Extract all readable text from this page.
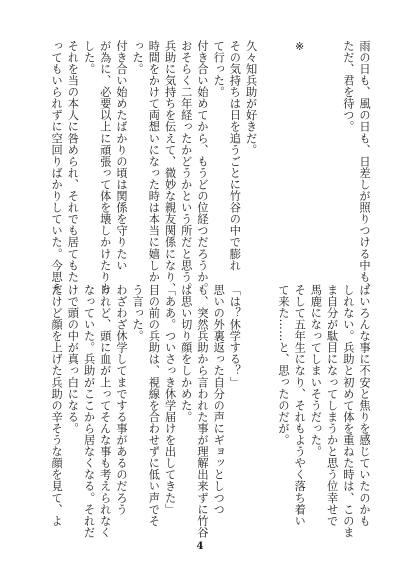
雨の日も、風の日も、日差しが照りつける中も、
ただ、君を待つ。

※

久々知兵助が好きだ。
その気持ちは日を追うごとに竹谷の中で膨れ
て行った。
付き合い始めてから、もうどの位経つだろうか。
おそらく二年経ったかどうかという所だと思う。
兵助に気持ちを伝えて、微妙な親友関係になり、
時間をかけて両想いになった時は本当に嬉しか
った。
付き合い始めたばかりの頃は関係を守りたい
が為に、必要以上に頑張って体を壊しかけたりも
した。
それを当の本人に咎められ、それでも居てもた
ってもいられずに空回りばかりしていた。今思え
ばいろんな事に不安と焦りを感じていたのかも
しれない。兵助と初めて体を重ねた時は、このま
ま自分が駄目になってしまうかと思う位幸せで
馬鹿になってしまいそうだった。
そして五年生になり、それもようやく落ち着い
て来た……と、思ったのだが。

「は？休学する？」
思いの外裏返った自分の声にギョッとしつつ
も、突然兵助から言われた事が理解出来ずに竹谷
は思い切り顔をしかめた。
「ああ。ついさっき休学届けを出してきた」
目の前の兵助は、視線を合わせずに低い声でそ
う言った。
わざわざ休学してまでする事があるのだろう
けれど、頭に血が上ってそんな事も考えられなく
なっていた。兵助がここから居なくなる。それだ
けで頭の中が真っ白になる。
だけど顔を上げた兵助の辛そうな顔を見て、よ
4
